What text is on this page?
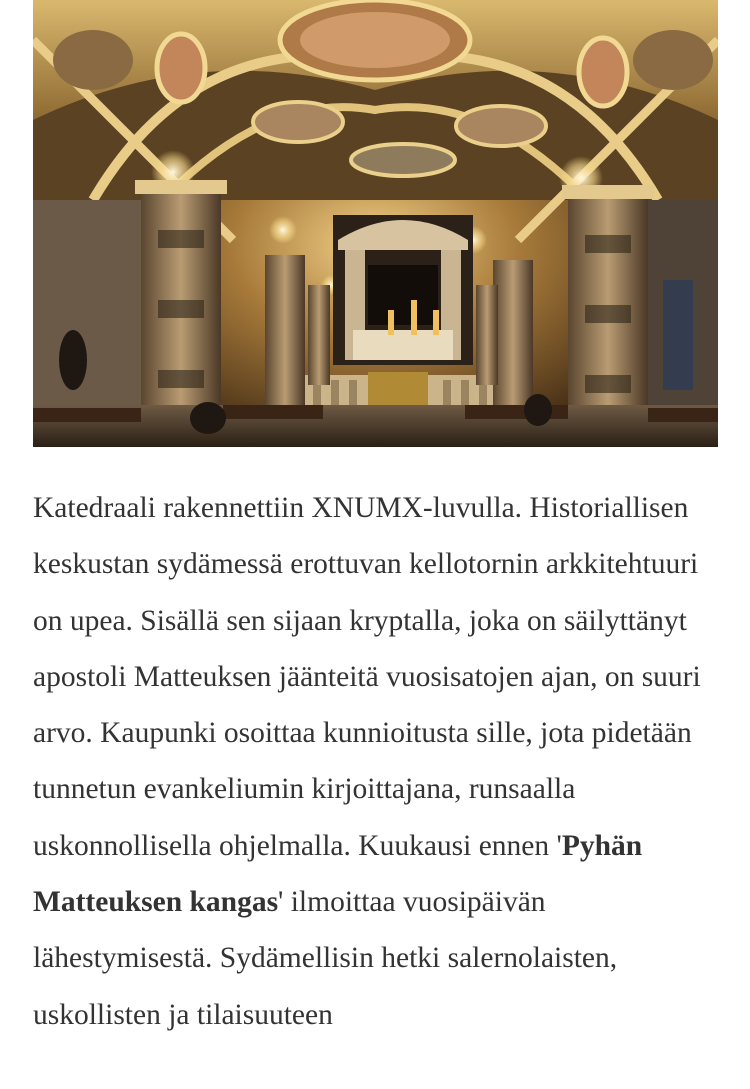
Katedraali rakennettiin XNUMX-luvulla. Historiallisen keskustan sydämessä erottuvan kellotornin arkkitehtuuri on upea. Sisällä sen sijaan kryptalla, joka on säilyttänyt apostoli Matteuksen jäänteitä vuosisatojen ajan, on suuri arvo. Kaupunki osoittaa kunnioitusta sille, jota pidetään tunnetun evankeliumin kirjoittajana, runsaalla uskonnollisella ohjelmalla. Kuukausi ennen 'Pyhän Matteuksen kangas' ilmoittaa vuosipäivän lähestymisestä. Sydämellisin hetki salernolaisten, uskollisten ja tilaisuuteen
